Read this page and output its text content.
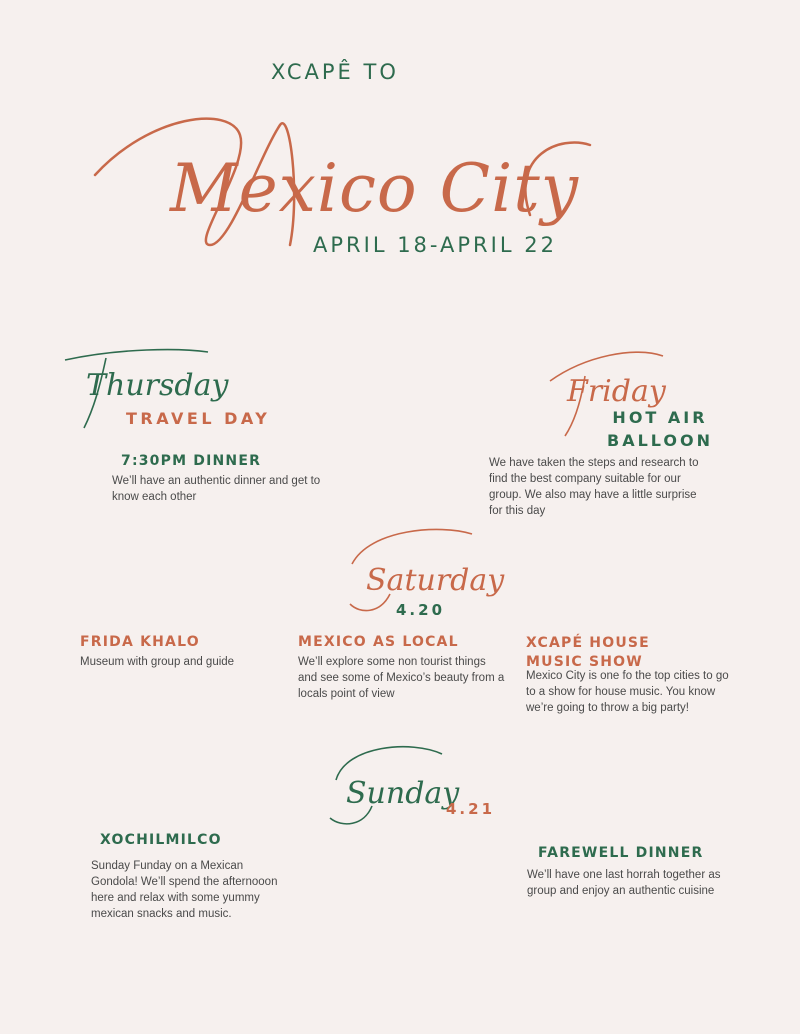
XCAPÊ TO
Mexico City
APRIL 18-APRIL 22
Thursday
TRAVEL DAY
7:30PM DINNER
We’ll have an authentic dinner and get to know each other
Friday
HOT AIR BALLOON
We have taken the steps and research to find the best company suitable for our group. We also may have a little surprise for this day
Saturday
4.20
FRIDA KHALO
Museum with group and guide
MEXICO AS LOCAL
We’ll explore some non tourist things and see some of Mexico’s beauty from a locals point of view
XCAPÉ HOUSE MUSIC SHOW
Mexico City is one fo the top cities to go to a show for house music. You know we’re going to throw a big party!
Sunday
4.21
XOCHILMILCO
Sunday Funday on a Mexican Gondola! We’ll spend the afternooon here and relax with some yummy mexican snacks and music.
FAREWELL DINNER
We’ll have one last horrah together as group and enjoy an authentic cuisine
